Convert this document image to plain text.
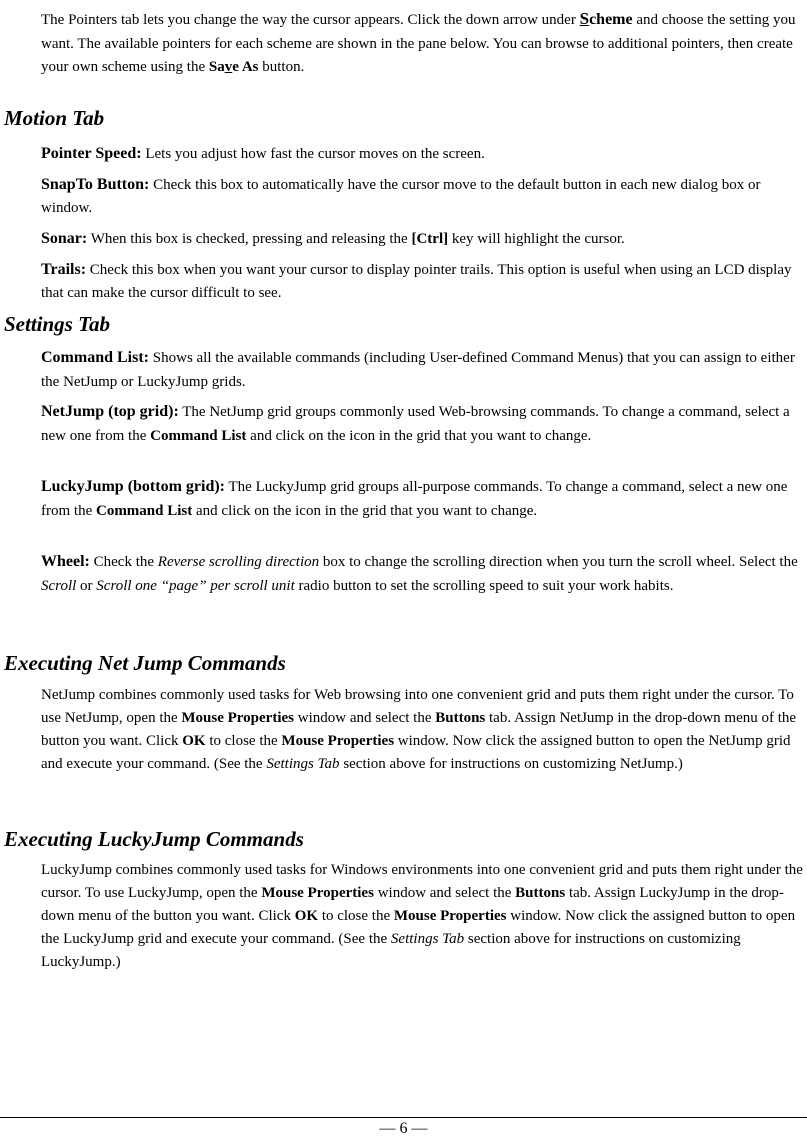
The Pointers tab lets you change the way the cursor appears. Click the down arrow under Scheme and choose the setting you want. The available pointers for each scheme are shown in the pane below. You can browse to additional pointers, then create your own scheme using the Save As button.

Motion Tab

Pointer Speed: Lets you adjust how fast the cursor moves on the screen.

SnapTo Button: Check this box to automatically have the cursor move to the default button in each new dialog box or window.

Sonar: When this box is checked, pressing and releasing the [Ctrl] key will highlight the cursor.

Trails: Check this box when you want your cursor to display pointer trails. This option is useful when using an LCD display that can make the cursor difficult to see.

Settings Tab

Command List: Shows all the available commands (including User-defined Command Menus) that you can assign to either the NetJump or LuckyJump grids.

NetJump (top grid): The NetJump grid groups commonly used Web-browsing commands. To change a command, select a new one from the Command List and click on the icon in the grid that you want to change.

LuckyJump (bottom grid): The LuckyJump grid groups all-purpose commands. To change a command, select a new one from the Command List and click on the icon in the grid that you want to change.

Wheel: Check the Reverse scrolling direction box to change the scrolling direction when you turn the scroll wheel. Select the Scroll or Scroll one “page” per scroll unit radio button to set the scrolling speed to suit your work habits.

Executing Net Jump Commands

NetJump combines commonly used tasks for Web browsing into one convenient grid and puts them right under the cursor. To use NetJump, open the Mouse Properties window and select the Buttons tab. Assign NetJump in the drop-down menu of the button you want. Click OK to close the Mouse Properties window. Now click the assigned button to open the NetJump grid and execute your command. (See the Settings Tab section above for instructions on customizing NetJump.)

Executing LuckyJump Commands

LuckyJump combines commonly used tasks for Windows environments into one convenient grid and puts them right under the cursor. To use LuckyJump, open the Mouse Properties window and select the Buttons tab. Assign LuckyJump in the drop-down menu of the button you want. Click OK to close the Mouse Properties window. Now click the assigned button to open the LuckyJump grid and execute your command. (See the Settings Tab section above for instructions on customizing LuckyJump.)

— 6 —
